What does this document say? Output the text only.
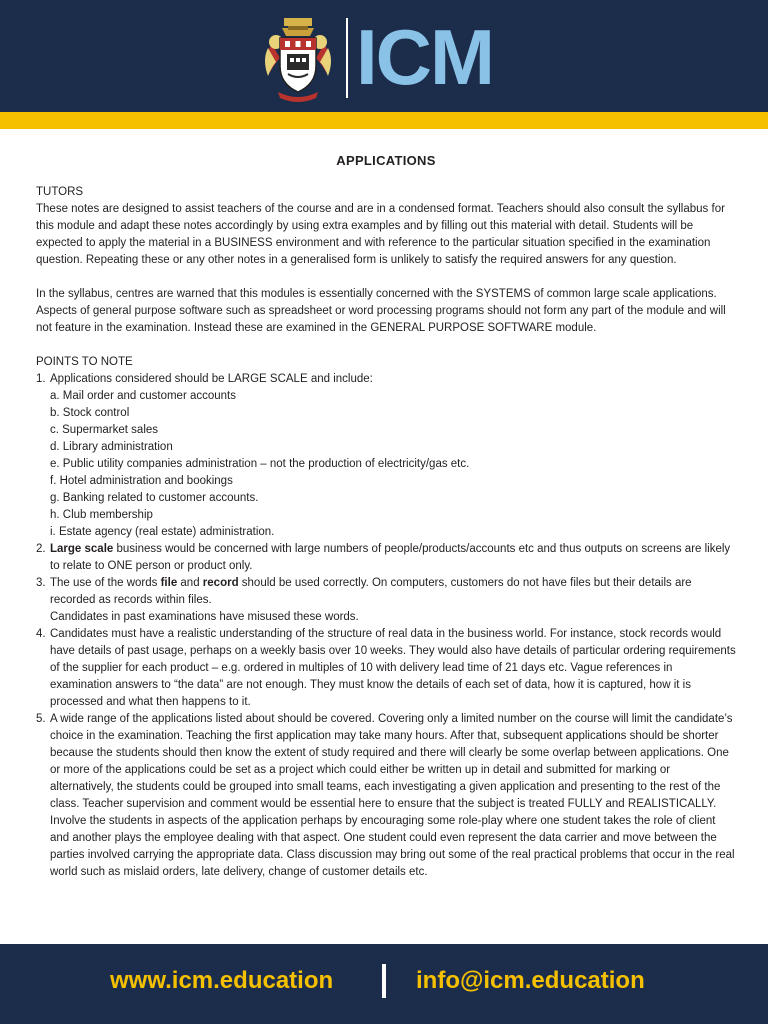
ICM
APPLICATIONS
TUTORS
These notes are designed to assist teachers of the course and are in a condensed format. Teachers should also consult the syllabus for this module and adapt these notes accordingly by using extra examples and by filling out this material with detail. Students will be expected to apply the material in a BUSINESS environment and with reference to the particular situation specified in the examination question. Repeating these or any other notes in a generalised form is unlikely to satisfy the required answers for any question.
In the syllabus, centres are warned that this modules is essentially concerned with the SYSTEMS of common large scale applications. Aspects of general purpose software such as spreadsheet or word processing programs should not form any part of the module and will not feature in the examination. Instead these are examined in the GENERAL PURPOSE SOFTWARE module.
POINTS TO NOTE
1. Applications considered should be LARGE SCALE and include:
a. Mail order and customer accounts
b. Stock control
c. Supermarket sales
d. Library administration
e. Public utility companies administration – not the production of electricity/gas etc.
f. Hotel administration and bookings
g. Banking related to customer accounts.
h. Club membership
i. Estate agency (real estate) administration.
2. Large scale business would be concerned with large numbers of people/products/accounts etc and thus outputs on screens are likely to relate to ONE person or product only.
3. The use of the words file and record should be used correctly. On computers, customers do not have files but their details are recorded as records within files.
Candidates in past examinations have misused these words.
4. Candidates must have a realistic understanding of the structure of real data in the business world. For instance, stock records would have details of past usage, perhaps on a weekly basis over 10 weeks. They would also have details of particular ordering requirements of the supplier for each product – e.g. ordered in multiples of 10 with delivery lead time of 21 days etc. Vague references in examination answers to “the data” are not enough. They must know the details of each set of data, how it is captured, how it is processed and what then happens to it.
5. A wide range of the applications listed about should be covered. Covering only a limited number on the course will limit the candidate’s choice in the examination. Teaching the first application may take many hours. After that, subsequent applications should be shorter because the students should then know the extent of study required and there will clearly be some overlap between applications. One or more of the applications could be set as a project which could either be written up in detail and submitted for marking or alternatively, the students could be grouped into small teams, each investigating a given application and presenting to the rest of the class. Teacher supervision and comment would be essential here to ensure that the subject is treated FULLY and REALISTICALLY. Involve the students in aspects of the application perhaps by encouraging some role-play where one student takes the role of client and another plays the employee dealing with that aspect. One student could even represent the data carrier and move between the parties involved carrying the appropriate data. Class discussion may bring out some of the real practical problems that occur in the real world such as mislaid orders, late delivery, change of customer details etc.
www.icm.education	info@icm.education
